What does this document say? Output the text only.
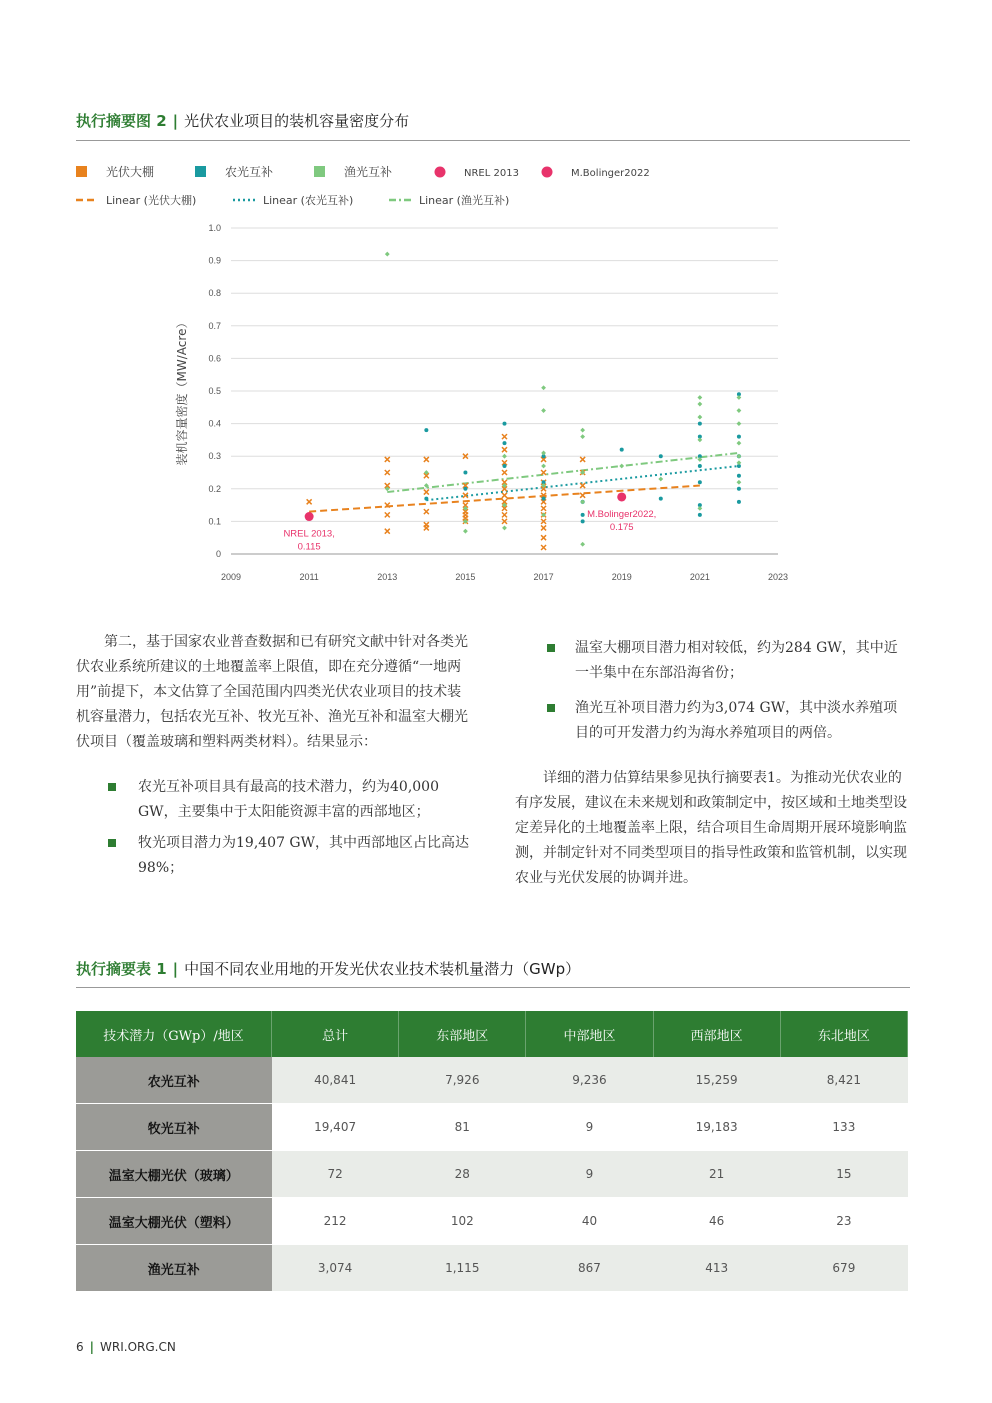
执行摘要图 2 | 光伏农业项目的装机容量密度分布
0
0.1
0.2
0.3
0.4
0.5
0.6
0.7
0.8
0.9
1.0
2009	2011	2013	2015	2017	2019	2021	2023
装机容量密度（MW/Acre）
光伏大棚	农光互补	渔光互补	NREL 2013	M.Bolinger2022
Linear (光伏大棚)	Linear (农光互补)	Linear (渔光互补)
NREL 2013,
0.115
M.Bolinger2022,
0.175

第二，基于国家农业普查数据和已有研究文献中针对各类光伏农业系统所建议的土地覆盖率上限值，即在充分遵循“一地两用”前提下，本文估算了全国范围内四类光伏农业项目的技术装机容量潜力，包括农光互补、牧光互补、渔光互补和温室大棚光伏项目（覆盖玻璃和塑料两类材料）。结果显示：

农光互补项目具有最高的技术潜力，约为40,000 GW，主要集中于太阳能资源丰富的西部地区；
牧光项目潜力为19,407 GW，其中西部地区占比高达98%；
温室大棚项目潜力相对较低，约为284 GW，其中近一半集中在东部沿海省份；
渔光互补项目潜力约为3,074 GW，其中淡水养殖项目的可开发潜力约为海水养殖项目的两倍。

详细的潜力估算结果参见执行摘要表1。为推动光伏农业的有序发展，建议在未来规划和政策制定中，按区域和土地类型设定差异化的土地覆盖率上限，结合项目生命周期开展环境影响监测，并制定针对不同类型项目的指导性政策和监管机制，以实现农业与光伏发展的协调并进。

执行摘要表 1 | 中国不同农业用地的开发光伏农业技术装机量潜力（GWp）
技术潜力（GWp）/地区	总计	东部地区	中部地区	西部地区	东北地区
农光互补	40,841	7,926	9,236	15,259	8,421
牧光互补	19,407	81	9	19,183	133
温室大棚光伏（玻璃）	72	28	9	21	15
温室大棚光伏（塑料）	212	102	40	46	23
渔光互补	3,074	1,115	867	413	679
6 | WRI.ORG.CN
